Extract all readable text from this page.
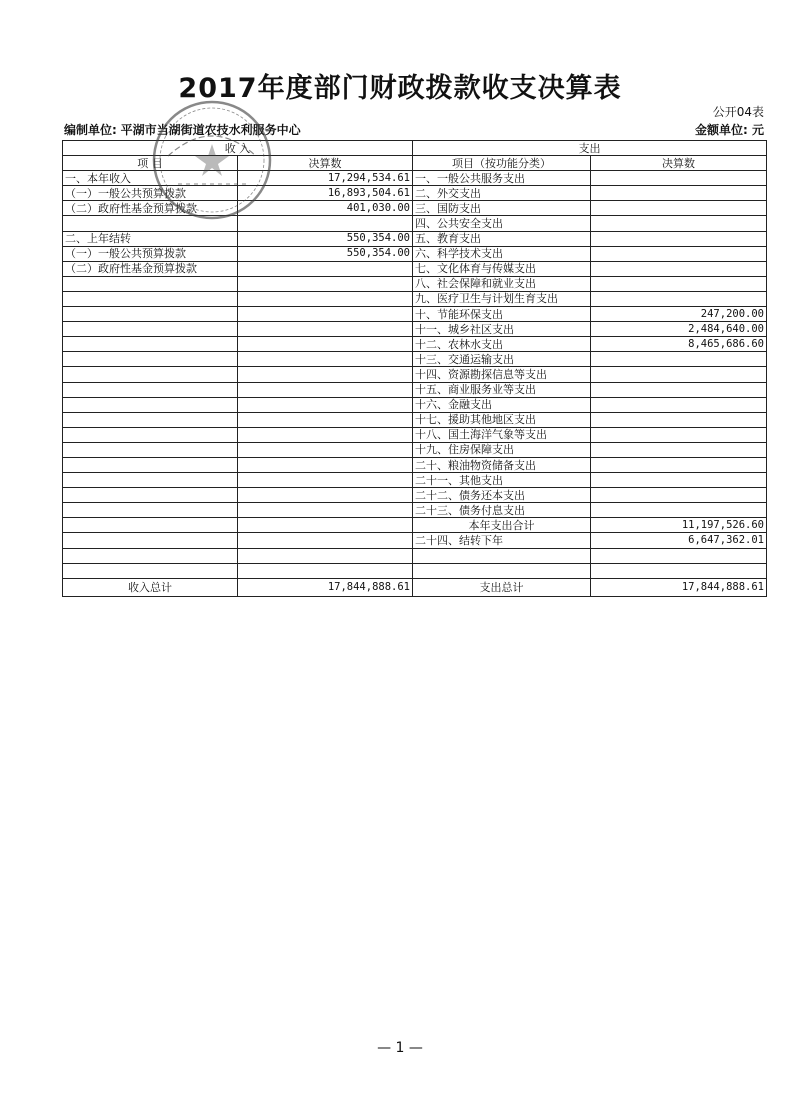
2017年度部门财政拨款收支决算表
公开04表
编制单位: 平湖市当湖街道农技水利服务中心	金额单位: 元
收 入		支出	
项 目	决算数	项目（按功能分类）	决算数
一、本年收入	17,294,534.61	一、一般公共服务支出	
（一）一般公共预算拨款	16,893,504.61	二、外交支出	
（二）政府性基金预算拨款	401,030.00	三、国防支出	
		四、公共安全支出	
二、上年结转	550,354.00	五、教育支出	
（一）一般公共预算拨款	550,354.00	六、科学技术支出	
（二）政府性基金预算拨款		七、文化体育与传媒支出	
		八、社会保障和就业支出	
		九、医疗卫生与计划生育支出	
		十、节能环保支出	247,200.00
		十一、城乡社区支出	2,484,640.00
		十二、农林水支出	8,465,686.60
		十三、交通运输支出	
		十四、资源勘探信息等支出	
		十五、商业服务业等支出	
		十六、金融支出	
		十七、援助其他地区支出	
		十八、国土海洋气象等支出	
		十九、住房保障支出	
		二十、粮油物资储备支出	
		二十一、其他支出	
		二十二、债务还本支出	
		二十三、债务付息支出	
		本年支出合计	11,197,526.60
		二十四、结转下年	6,647,362.01

收入总计	17,844,888.61	支出总计	17,844,888.61
— 1 —
